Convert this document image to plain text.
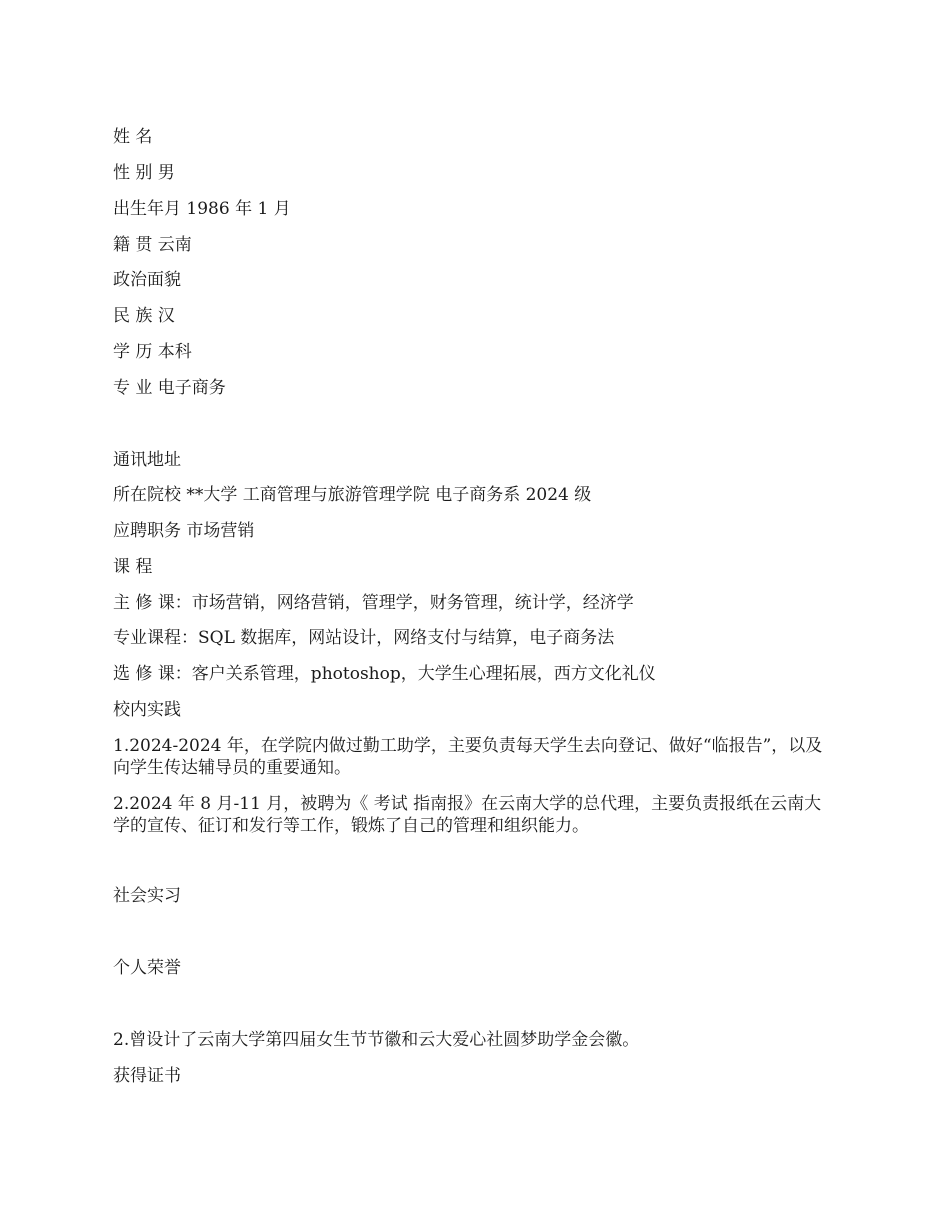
姓 名
性 别 男
出生年月 1986 年 1 月
籍 贯 云南
政治面貌
民 族 汉
学 历 本科
专 业 电子商务
通讯地址
所在院校 **大学 工商管理与旅游管理学院 电子商务系 2024 级
应聘职务 市场营销
课 程
主 修 课：市场营销，网络营销，管理学，财务管理，统计学，经济学
专业课程：SQL 数据库，网站设计，网络支付与结算，电子商务法
选 修 课：客户关系管理，photoshop，大学生心理拓展，西方文化礼仪
校内实践
1.2024-2024 年，在学院内做过勤工助学，主要负责每天学生去向登记、做好“临报告”，以及向学生传达辅导员的重要通知。
2.2024 年 8 月-11 月，被聘为《 考试 指南报》在云南大学的总代理，主要负责报纸在云南大学的宣传、征订和发行等工作，锻炼了自己的管理和组织能力。
社会实习
个人荣誉
2.曾设计了云南大学第四届女生节节徽和云大爱心社圆梦助学金会徽。
获得证书
